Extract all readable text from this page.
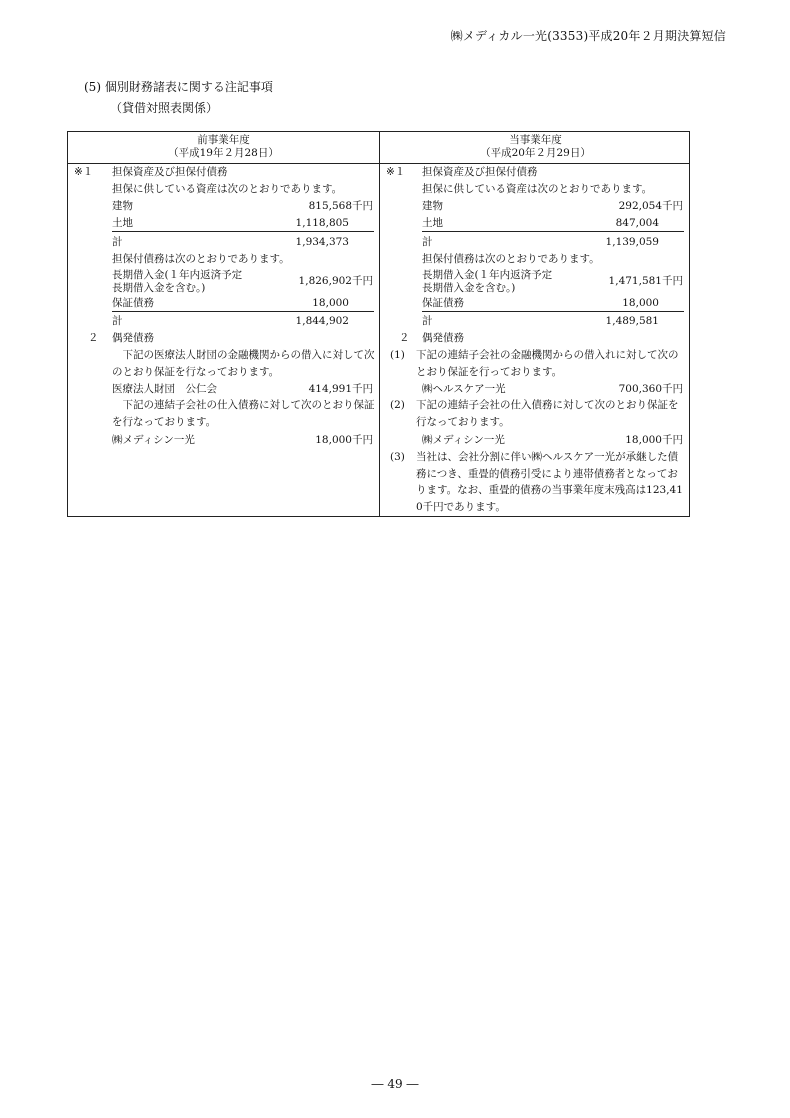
㈱メディカル一光(3353)平成20年２月期決算短信
(5) 個別財務諸表に関する注記事項
（貸借対照表関係）
前事業年度
（平成19年２月28日）
当事業年度
（平成20年２月29日）
※１ 担保資産及び担保付債務
担保に供している資産は次のとおりであります。
建物	815,568千円
土地	1,118,805
計	1,934,373
担保付債務は次のとおりであります。
長期借入金(１年内返済予定
長期借入金を含む。)
1,826,902千円
保証債務	18,000
計	1,844,902
２ 偶発債務
　下記の医療法人財団の金融機関からの借入に対して次のとおり保証を行なっております。
医療法人財団　公仁会	414,991千円
　下記の連結子会社の仕入債務に対して次のとおり保証を行なっております。
㈱メディシン一光	18,000千円
※１ 担保資産及び担保付債務
担保に供している資産は次のとおりであります。
建物	292,054千円
土地	847,004
計	1,139,059
担保付債務は次のとおりであります。
長期借入金(１年内返済予定
長期借入金を含む。)
1,471,581千円
保証債務	18,000
計	1,489,581
２ 偶発債務
(1) 下記の連結子会社の金融機関からの借入れに対して次のとおり保証を行っております。
㈱ヘルスケア一光	700,360千円
(2) 下記の連結子会社の仕入債務に対して次のとおり保証を行なっております。
㈱メディシン一光	18,000千円
(3) 当社は、会社分割に伴い㈱ヘルスケア一光が承継した債務につき、重畳的債務引受により連帯債務者となっております。なお、重畳的債務の当事業年度末残高は123,410千円であります。
― 49 ―
